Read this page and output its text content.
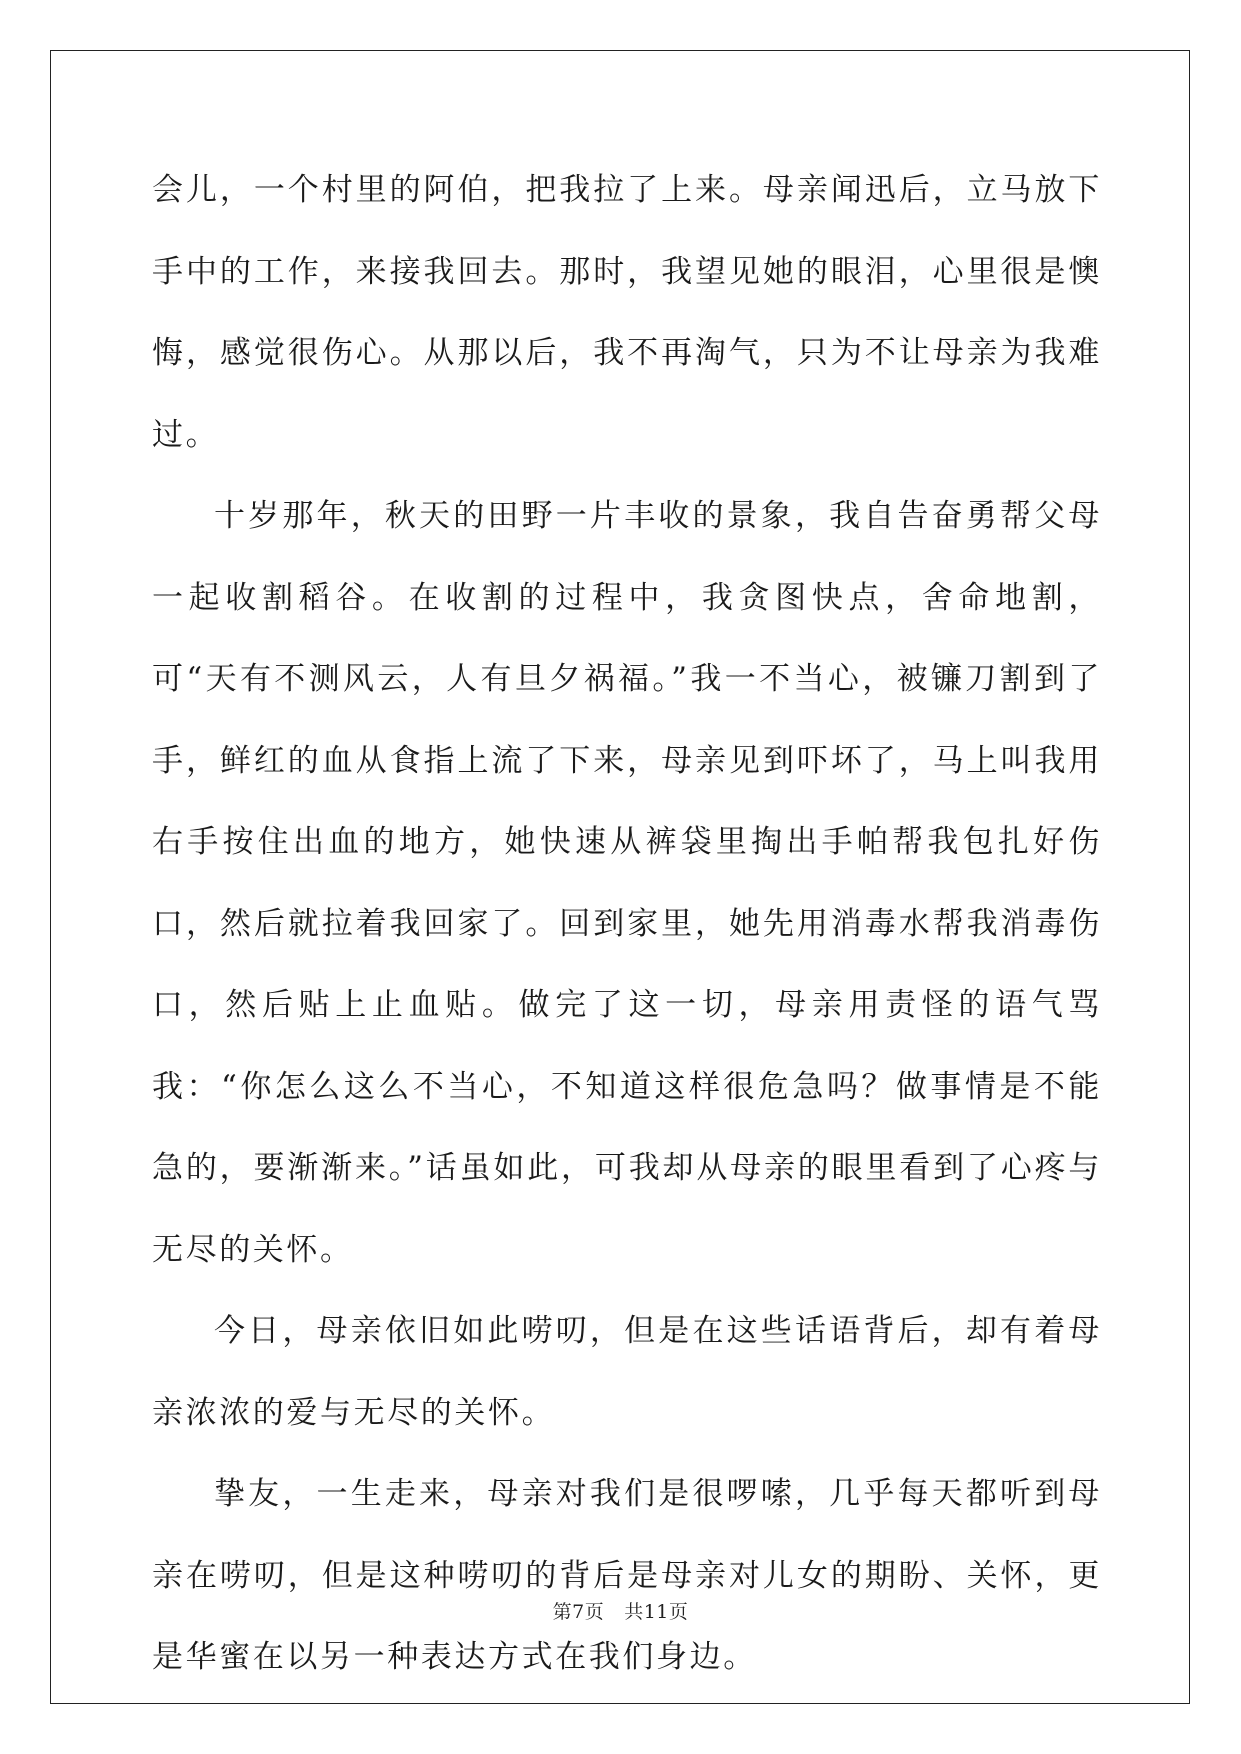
会儿，一个村里的阿伯，把我拉了上来。母亲闻迅后，立马放下手中的工作，来接我回去。那时，我望见她的眼泪，心里很是懊悔，感觉很伤心。从那以后，我不再淘气，只为不让母亲为我难过。

十岁那年，秋天的田野一片丰收的景象，我自告奋勇帮父母一起收割稻谷。在收割的过程中，我贪图快点，舍命地割，可“天有不测风云，人有旦夕祸福。”我一不当心，被镰刀割到了手，鲜红的血从食指上流了下来，母亲见到吓坏了，马上叫我用右手按住出血的地方，她快速从裤袋里掏出手帕帮我包扎好伤口，然后就拉着我回家了。回到家里，她先用消毒水帮我消毒伤口，然后贴上止血贴。做完了这一切，母亲用责怪的语气骂我：“你怎么这么不当心，不知道这样很危急吗？做事情是不能急的，要渐渐来。”话虽如此，可我却从母亲的眼里看到了心疼与无尽的关怀。

今日，母亲依旧如此唠叨，但是在这些话语背后，却有着母亲浓浓的爱与无尽的关怀。

挚友，一生走来，母亲对我们是很啰嗦，几乎每天都听到母亲在唠叨，但是这种唠叨的背后是母亲对儿女的期盼、关怀，更是华蜜在以另一种表达方式在我们身边。

第7页 共11页
